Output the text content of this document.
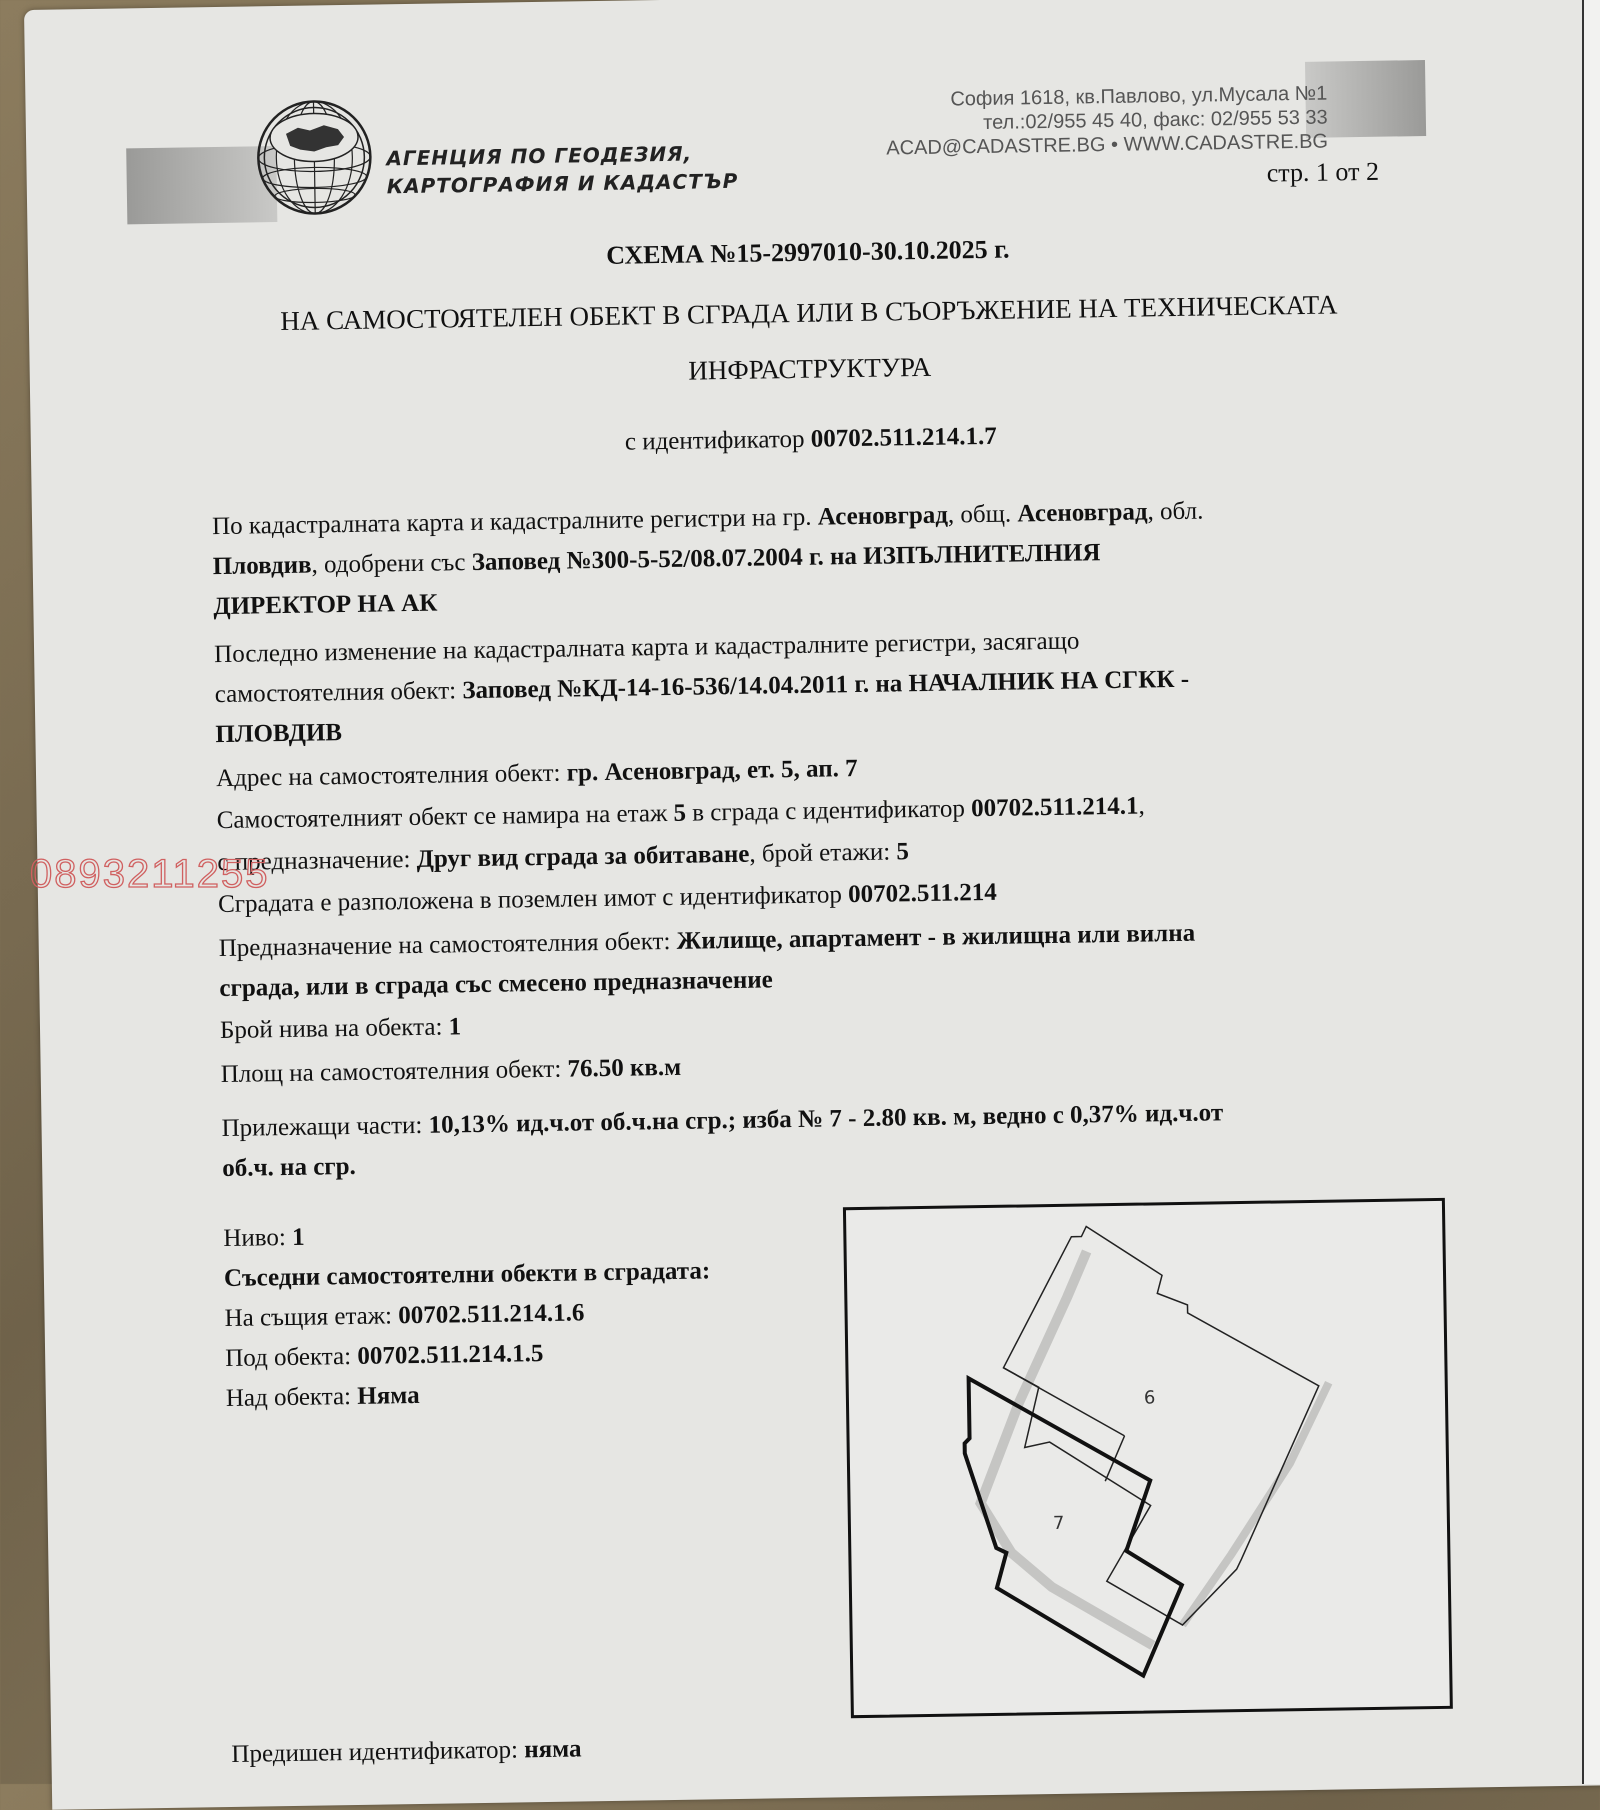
АГЕНЦИЯ ПО ГЕОДЕЗИЯ,
КАРТОГРАФИЯ И КАДАСТЪР
София 1618, кв.Павлово, ул.Мусала №1
тел.:02/955 45 40, факс: 02/955 53 33
ACAD@CADASTRE.BG • WWW.CADASTRE.BG
стр. 1 от 2
СХЕМА №15-2997010-30.10.2025 г.
НА САМОСТОЯТЕЛЕН ОБЕКТ В СГРАДА ИЛИ В СЪОРЪЖЕНИЕ НА ТЕХНИЧЕСКАТА
ИНФРАСТРУКТУРА
с идентификатор 00702.511.214.1.7
По кадастралната карта и кадастралните регистри на гр. Асеновград, общ. Асеновград, обл.
Пловдив, одобрени със Заповед №300-5-52/08.07.2004 г. на ИЗПЪЛНИТЕЛНИЯ
ДИРЕКТОР НА АК
Последно изменение на кадастралната карта и кадастралните регистри, засягащо
самостоятелния обект: Заповед №КД-14-16-536/14.04.2011 г. на НАЧАЛНИК НА СГКК -
ПЛОВДИВ
Адрес на самостоятелния обект: гр. Асеновград, ет. 5, ап. 7
Самостоятелният обект се намира на етаж 5 в сграда с идентификатор 00702.511.214.1,
с предназначение: Друг вид сграда за обитаване, брой етажи: 5
Сградата е разположена в поземлен имот с идентификатор 00702.511.214
Предназначение на самостоятелния обект: Жилище, апартамент - в жилищна или вилна
сграда, или в сграда със смесено предназначение
Брой нива на обекта: 1
Площ на самостоятелния обект: 76.50 кв.м
Прилежащи части: 10,13% ид.ч.от об.ч.на сгр.; изба № 7 - 2.80 кв. м, ведно с 0,37% ид.ч.от
об.ч. на сгр.
Ниво: 1
Съседни самостоятелни обекти в сградата:
На същия етаж: 00702.511.214.1.6
Под обекта: 00702.511.214.1.5
Над обекта: Няма	6
7
Предишен идентификатор: няма
0893211255
